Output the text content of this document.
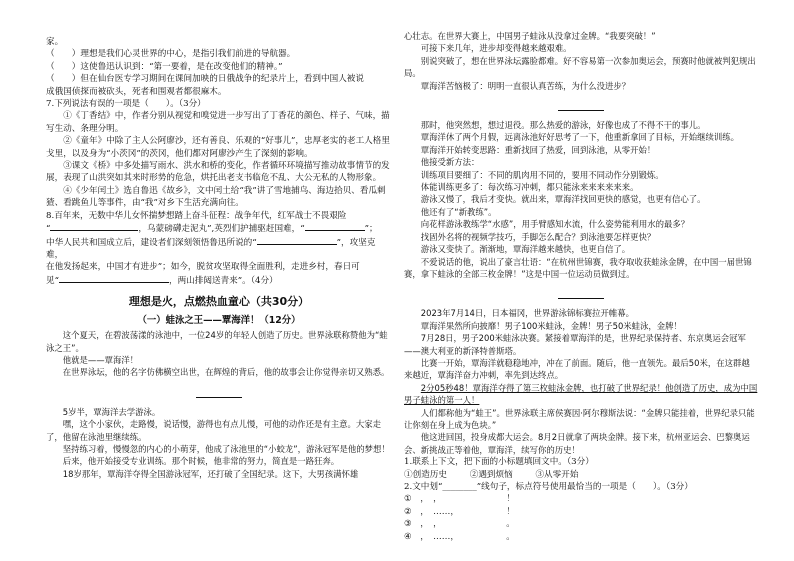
家。

（　　）理想是我们心灵世界的中心，是指引我们前进的导航器。

（　　）这使鲁迅认识到：“第一要着，是在改变他们的精神。”

（　　）但在仙台医专学习期间在课间加映的日俄战争的纪录片上，看到中国人被说

成俄国侦探而被砍头，死者和围观者都很麻木。

7.下列说法有误的一项是（　　）。（3分）

①《丁香结》中，作者分别从视觉和嗅觉进一步写出了丁香花的颜色、样子、气味，描写生动、条理分明。

②《童年》中除了主人公阿廖沙，还有善良、乐观的“好事儿”，忠厚老实的老工人格里戈里，以及身为“小茨冈”的茨冈，他们都对阿廖沙产生了深刻的影响。

③课文《桥》中多处描写雨水、洪水和桥的变化，作者循环环境描写推动故事情节的发展，表现了山洪突如其来时形势的危急，烘托出老支书临危不乱、大公无私的人物形象。

④《少年闰土》选自鲁迅《故乡》，文中闰土给“我”讲了雪地捕鸟、海边拾贝、看瓜刺猹、看跳鱼儿等事件，由“我”对乡下生活充满向往。

8.百年来，无数中华儿女怀揣梦想踏上奋斗征程：战争年代，红军战士不畏艰险

“	，乌蒙磅礴走泥丸”,英烈们护捕驱赶国难，“	”；

中华人民共和国成立后，建设者们深刻领悟鲁迅所说的“	”，攻坚克难，

在他发扬起来，中国才有进步”；如今，脱贫攻坚取得全面胜利，走进乡村，春日可

见“	，两山排闼送青来”。（4分）

理想是火，点燃热血童心（共30分）
（一）蛙泳之王——覃海洋！（12分）

这个夏天，在碧波荡漾的泳池中，一位24岁的年轻人创造了历史。世界泳联称赞他为“蛙泳之王”。

他就是——覃海洋！

在世界泳坛，他的名字仿佛横空出世，在辉煌的背后，他的故事会让你觉得亲切又熟悉。

5岁半，覃海洋去学游泳。

嘿，这个小家伙，走路慢，说话慢，游得也有点儿慢，可他的动作还是有主意。大家走了，他留在泳池里继续练。

坚持练习着，慢慢忽的内心的小萌芽，他成了泳池里的“小蛟龙”，游泳冠军是他的梦想！

后来，他开始接受专业训练。那个时候，他非常的努力，简直是一路狂奔。

18岁那年，覃海洋夺得全国游泳冠军，还打破了全国纪录。这下，大男孩满怀雄

心壮志。在世界大赛上，中国男子蛙泳从没拿过金牌。“我要突破！”

可接下来几年，进步却变得越来越艰难。

别说突破了，想在世界泳坛露脸都难。好不容易第一次参加奥运会，预赛时他就被判犯规出局。

覃海洋苦恼极了：明明一直很认真苦练，为什么没进步？

那时，他突然想，想过退役。那么热爱的游泳，好像也成了不得不干的事儿。

覃海洋休了两个月假，远离泳池好好思考了一下，他重新拿回了目标，开始继续训练。

覃海洋开始转变思路：重新找回了热爱，回到泳池，从零开始！

他接受新方法：

训练项目要细了：不同的肌肉用不同的，要用不同动作分别锻炼。

体能训练更多了：每次练习冲刺，都只能泳来来来来来来。

游泳又慢了，我后才变快。就出来，覃海洋找回更快的感觉，也更有信心了。

他还有了“新教练”。

向花样游泳教练学“水感”，用手臂感知水流，什么姿势能利用水的最多？

找固外名将的视频学技巧，手脚怎么配合？到泳池要怎样更快？

游泳又变快了。渐渐地，覃海洋越来越快，也更自信了。

不爱说话的他，说出了豪言壮语：“在杭州世锦赛，我夺取收获蛙泳金牌，在中国一届世锦赛，拿下蛙泳的全部三枚金牌！”这是中国一位运动员做到过。

2023年7月14日，日本福冈，世界游泳锦标赛拉开帷幕。

覃海洋果然所向披靡！男子100米蛙泳，金牌！男子50米蛙泳，金牌！

7月28日，男子200米蛙泳决赛。紧接着覃海洋的是，世界纪录保持者、东京奥运会冠军——澳大利亚的新泽特普斯塔。

比赛一开始，覃海洋就稳稳地冲，冲在了前面。随后，他一直领先。最后50米，在这群越来越近，覃海洋奋力冲刺，率先到达终点。

2分05秒48！覃海洋夺得了第三枚蛙泳金牌，也打破了世界纪录！他创造了历史，成为中国男子蛙泳的第一人！

人们都称他为“蛙王”。世界泳联主席侯赛因·阿尔穆斯法说：“金牌只能挂着，世界纪录只能让你刻在身上成为色块。”

他这进回国，投身成都大运会。8月2日就拿了两块金牌。接下来，杭州亚运会、巴黎奥运会、新挑战正等着他，覃海洋，续写你的历史！

1.联系上下文，把下面的小标题填回文中。（3分）

①创造历史	②遇到烦恼	③从零开始

2.文中划“________”线句子，标点符号使用最恰当的一项是（　　）。（3分）

①　，　，　　　　　　　　！

②　，　……，　　　　　　！

③　，　，　　　　　　　　。

④　，　……，　　　　　　。
